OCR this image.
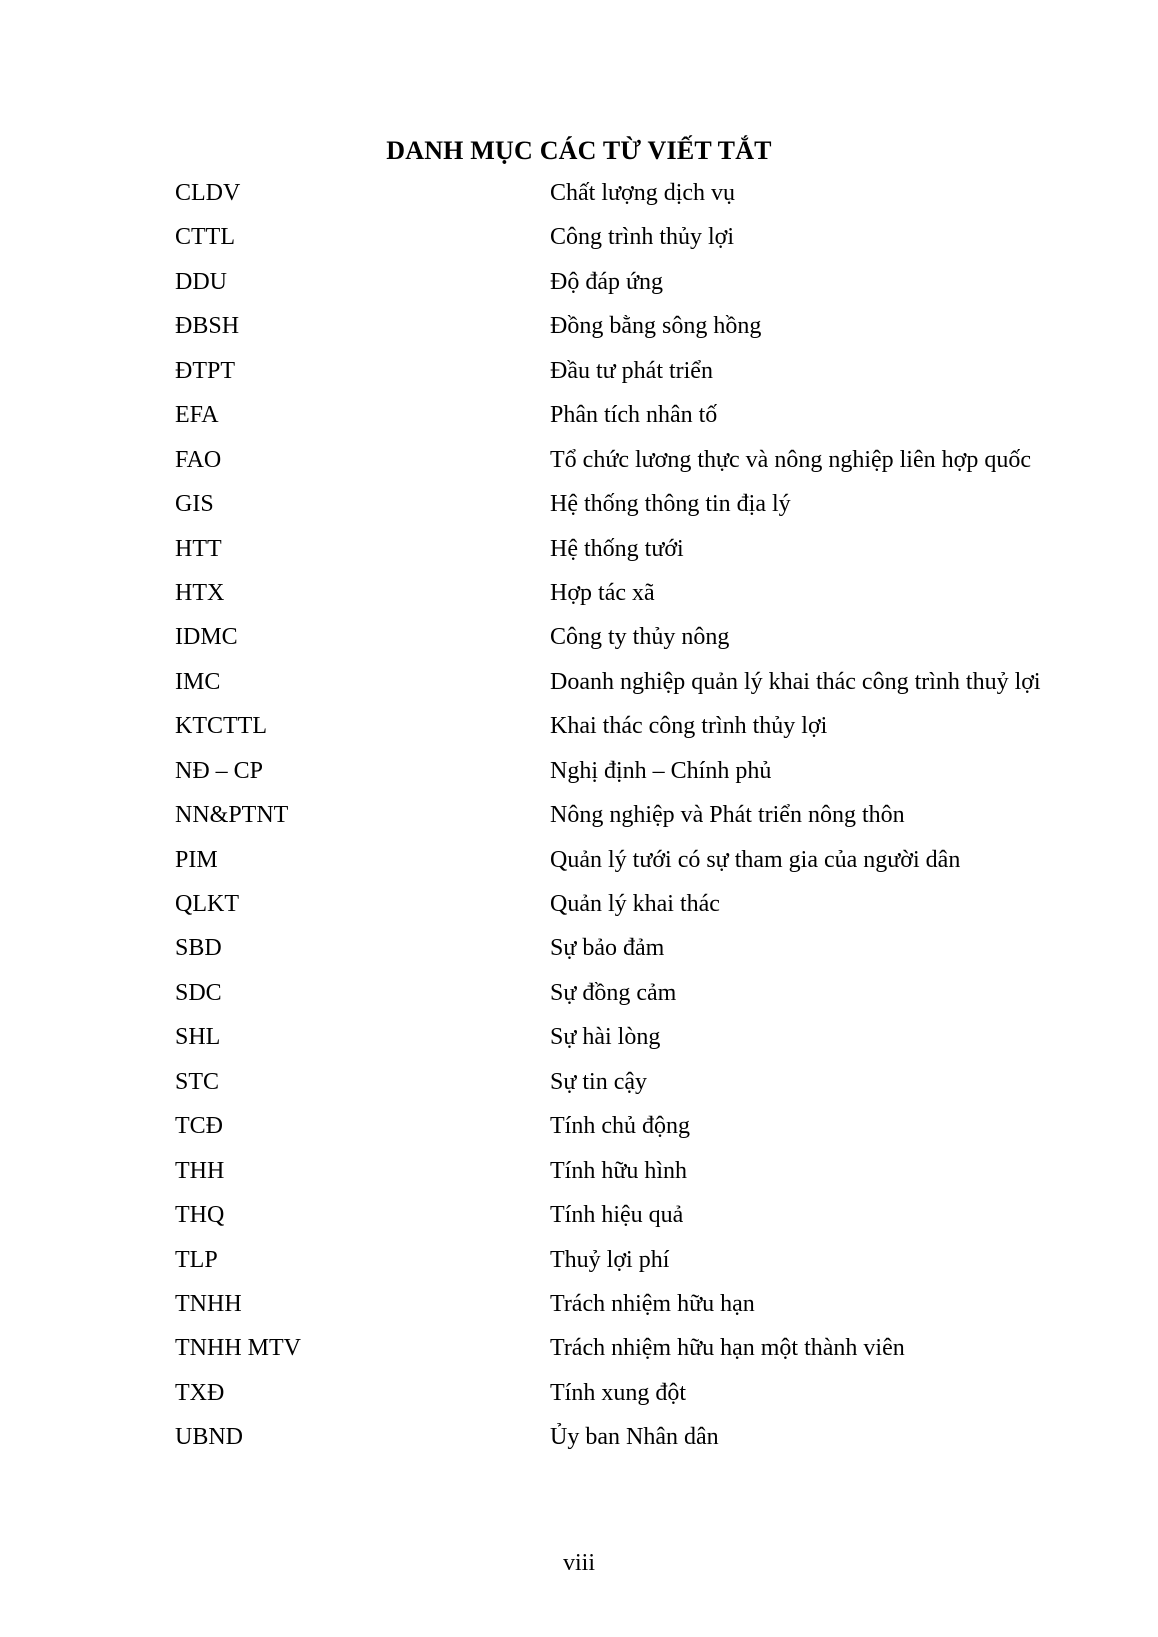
DANH MỤC CÁC TỪ VIẾT TẮT
CLDV	Chất lượng dịch vụ
CTTL	Công trình thủy lợi
DDU	Độ đáp ứng
ĐBSH	Đồng bằng sông hồng
ĐTPT	Đầu tư phát triển
EFA	Phân tích nhân tố
FAO	Tổ chức lương thực và nông nghiệp liên hợp quốc
GIS	Hệ thống thông tin địa lý
HTT	Hệ thống tưới
HTX	Hợp tác xã
IDMC	Công ty thủy nông
IMC	Doanh nghiệp quản lý khai thác công trình thuỷ lợi
KTCTTL	Khai thác công trình thủy lợi
NĐ – CP	Nghị định – Chính phủ
NN&PTNT	Nông nghiệp và Phát triển nông thôn
PIM	Quản lý tưới có sự tham gia của người dân
QLKT	Quản lý khai thác
SBD	Sự bảo đảm
SDC	Sự đồng cảm
SHL	Sự hài lòng
STC	Sự tin cậy
TCĐ	Tính chủ động
THH	Tính hữu hình
THQ	Tính hiệu quả
TLP	Thuỷ lợi phí
TNHH	Trách nhiệm hữu hạn
TNHH MTV	Trách nhiệm hữu hạn một thành viên
TXĐ	Tính xung đột
UBND	Ủy ban Nhân dân
viii
